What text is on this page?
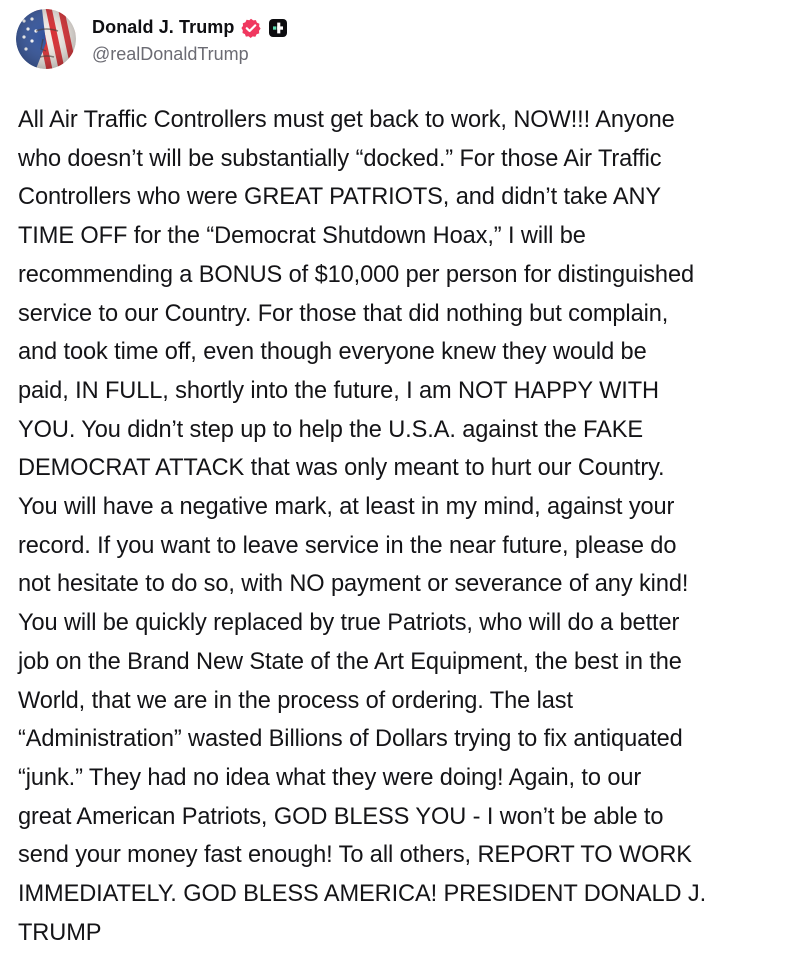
Donald J. Trump
@realDonaldTrump
All Air Traffic Controllers must get back to work, NOW!!! Anyone
who doesn’t will be substantially “docked.” For those Air Traffic
Controllers who were GREAT PATRIOTS, and didn’t take ANY
TIME OFF for the “Democrat Shutdown Hoax,” I will be
recommending a BONUS of $10,000 per person for distinguished
service to our Country. For those that did nothing but complain,
and took time off, even though everyone knew they would be
paid, IN FULL, shortly into the future, I am NOT HAPPY WITH
YOU. You didn’t step up to help the U.S.A. against the FAKE
DEMOCRAT ATTACK that was only meant to hurt our Country.
You will have a negative mark, at least in my mind, against your
record. If you want to leave service in the near future, please do
not hesitate to do so, with NO payment or severance of any kind!
You will be quickly replaced by true Patriots, who will do a better
job on the Brand New State of the Art Equipment, the best in the
World, that we are in the process of ordering. The last
“Administration” wasted Billions of Dollars trying to fix antiquated
“junk.” They had no idea what they were doing! Again, to our
great American Patriots, GOD BLESS YOU - I won’t be able to
send your money fast enough! To all others, REPORT TO WORK
IMMEDIATELY. GOD BLESS AMERICA! PRESIDENT DONALD J.
TRUMP
